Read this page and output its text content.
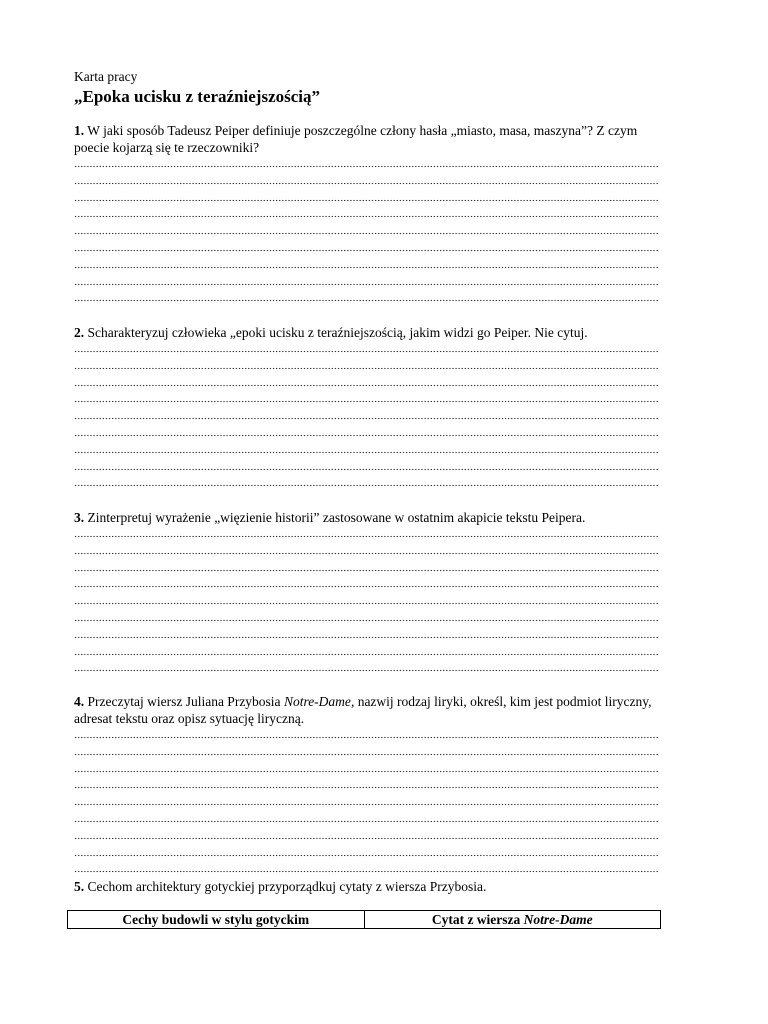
Karta pracy
„Epoka ucisku z teraźniejszością”
1. W jaki sposób Tadeusz Peiper definiuje poszczególne człony hasła „miasto, masa, maszyna”? Z czym poecie kojarzą się te rzeczowniki?
2. Scharakteryzuj człowieka „epoki ucisku z teraźniejszością, jakim widzi go Peiper. Nie cytuj.
3. Zinterpretuj wyrażenie „więzienie historii” zastosowane w ostatnim akapicie tekstu Peipera.
4. Przeczytaj wiersz Juliana Przybosia Notre-Dame, nazwij rodzaj liryki, określ, kim jest podmiot liryczny, adresat tekstu oraz opisz sytuację liryczną.
5. Cechom architektury gotyckiej przyporządkuj cytaty z wiersza Przybosia.
Cechy budowli w stylu gotyckim	Cytat z wiersza Notre-Dame
